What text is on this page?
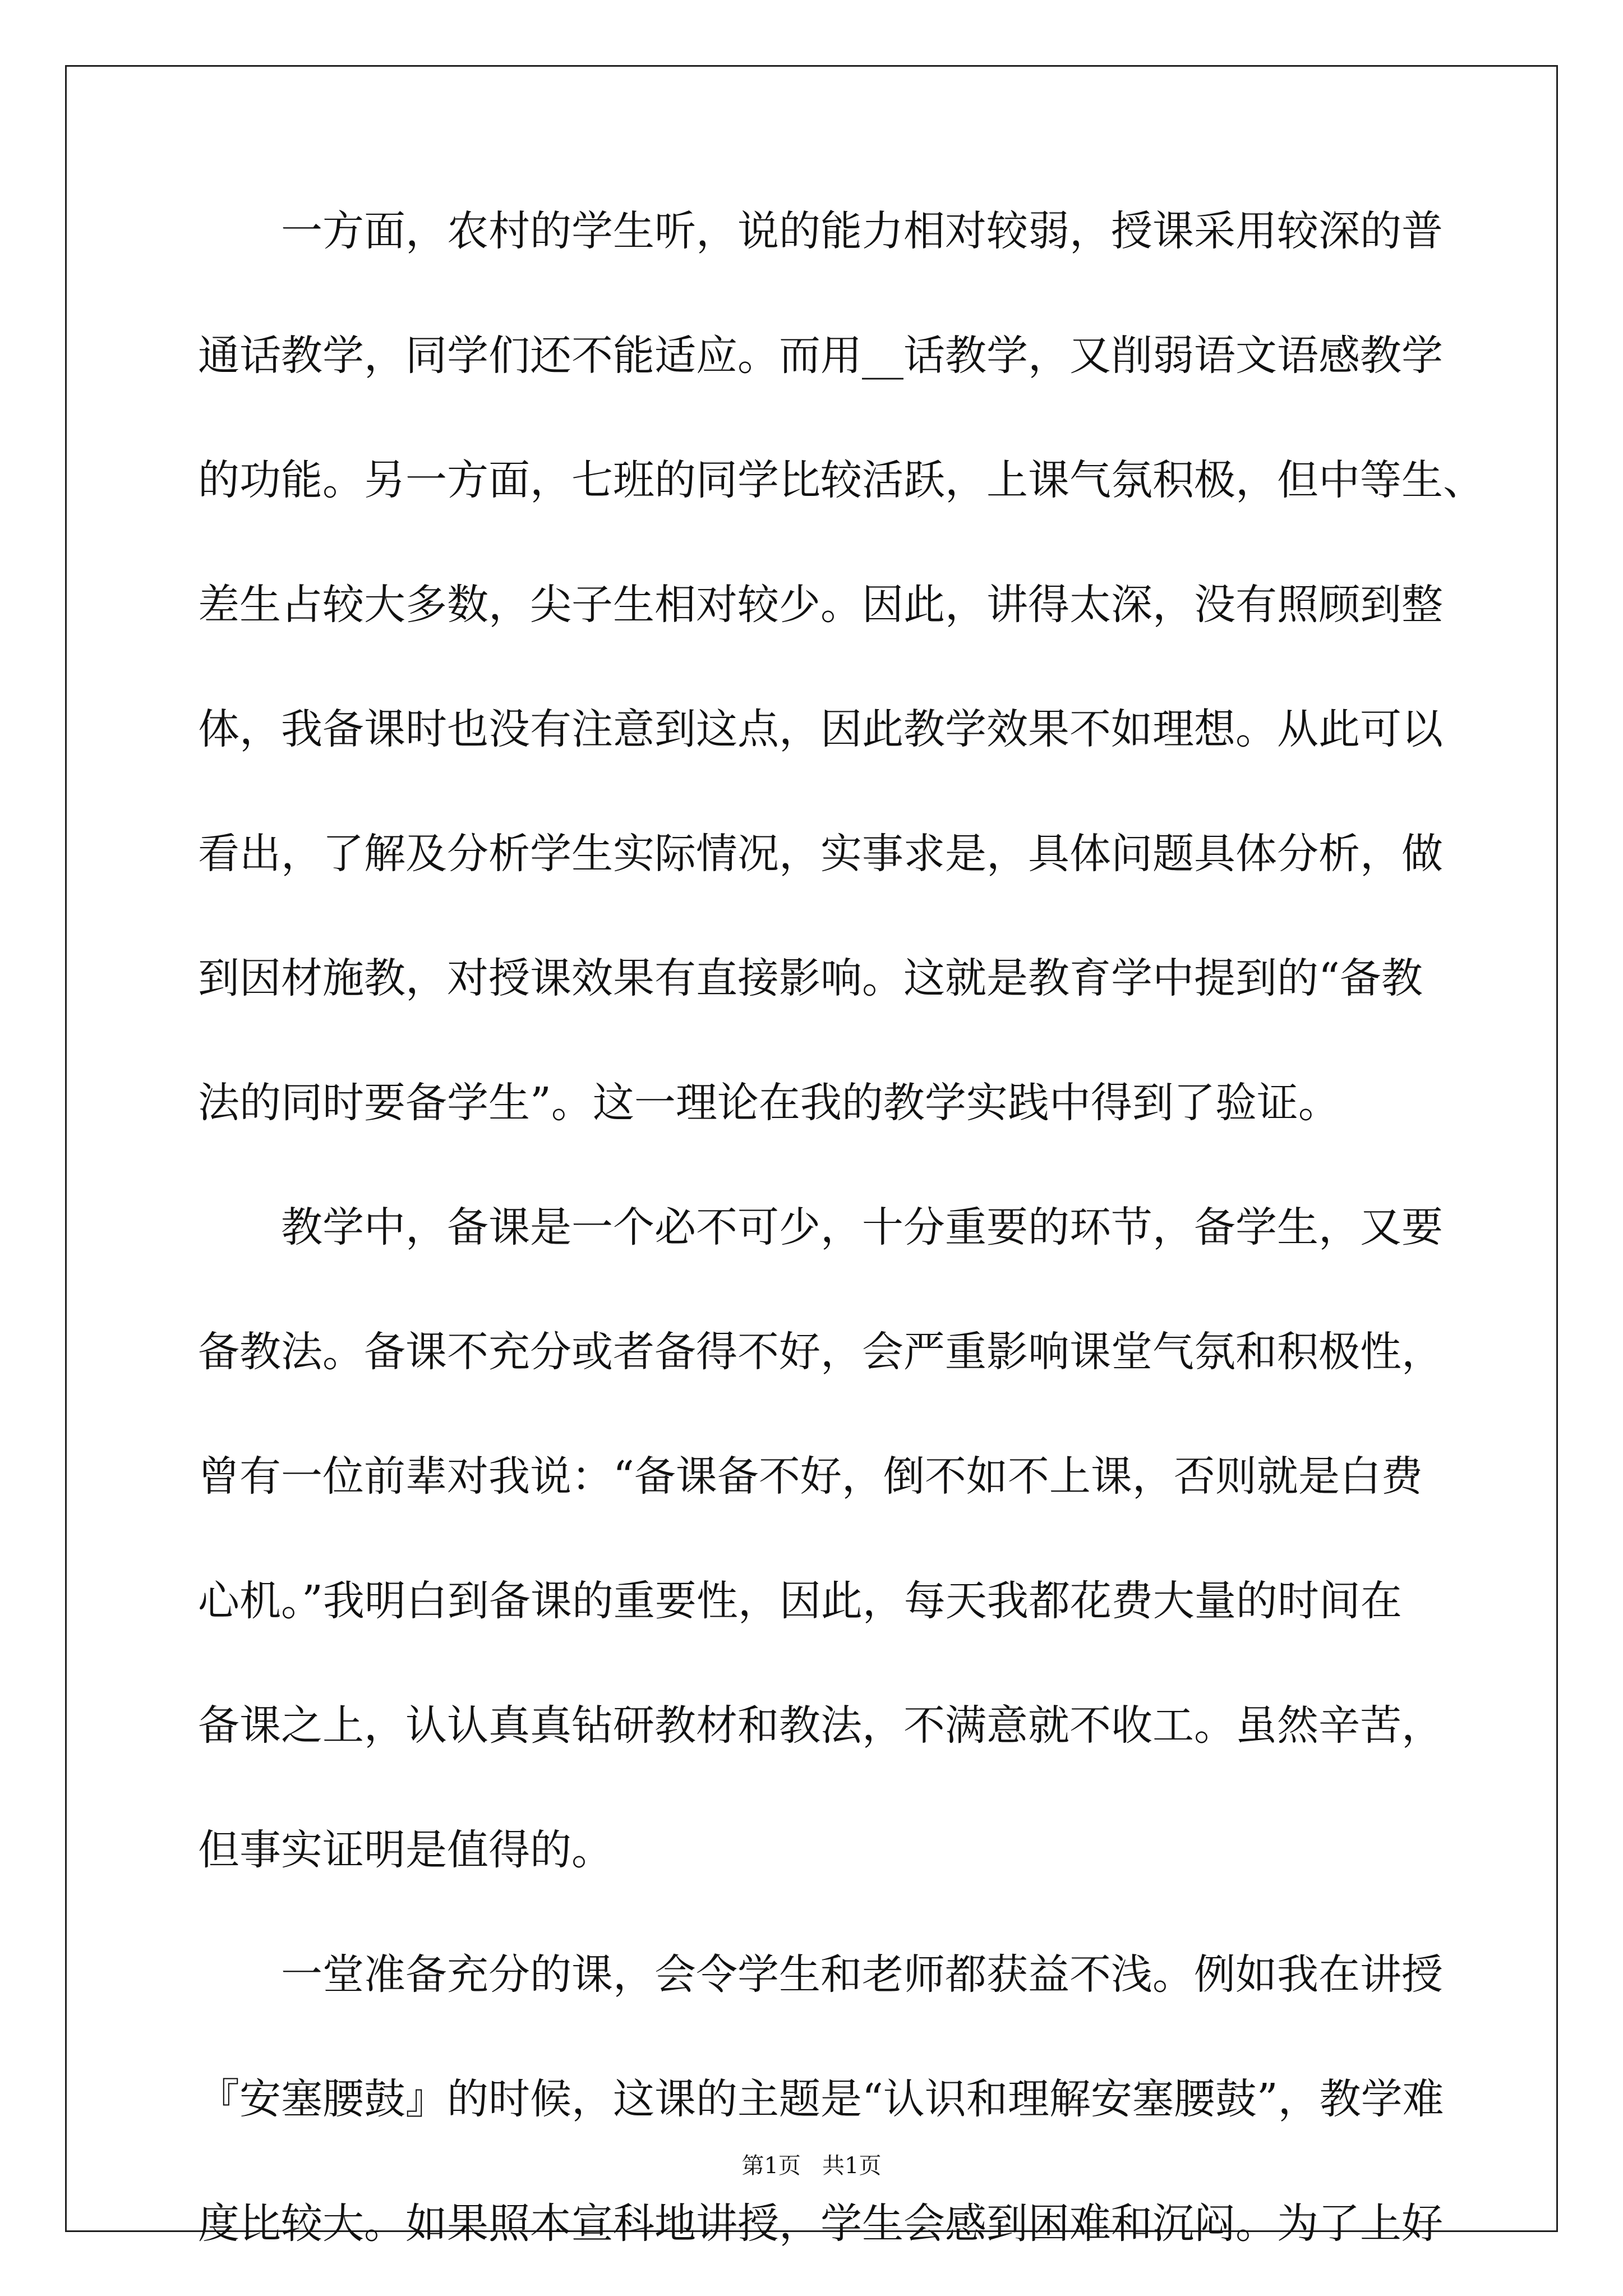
一方面，农村的学生听，说的能力相对较弱，授课采用较深的普
通话教学，同学们还不能适应。而用__话教学，又削弱语文语感教学
的功能。另一方面，七班的同学比较活跃，上课气氛积极，但中等生、
差生占较大多数，尖子生相对较少。因此，讲得太深，没有照顾到整
体，我备课时也没有注意到这点，因此教学效果不如理想。从此可以
看出，了解及分析学生实际情况，实事求是，具体问题具体分析，做
到因材施教，对授课效果有直接影响。这就是教育学中提到的“备教
法的同时要备学生”。这一理论在我的教学实践中得到了验证。
教学中，备课是一个必不可少，十分重要的环节，备学生，又要
备教法。备课不充分或者备得不好，会严重影响课堂气氛和积极性，
曾有一位前辈对我说：“备课备不好，倒不如不上课，否则就是白费
心机。”我明白到备课的重要性，因此，每天我都花费大量的时间在
备课之上，认认真真钻研教材和教法，不满意就不收工。虽然辛苦，
但事实证明是值得的。
一堂准备充分的课，会令学生和老师都获益不浅。例如我在讲授
『安塞腰鼓』的时候，这课的主题是“认识和理解安塞腰鼓”，教学难
度比较大。如果照本宣科地讲授，学生会感到困难和沉闷。为了上好
第1页   共1页
